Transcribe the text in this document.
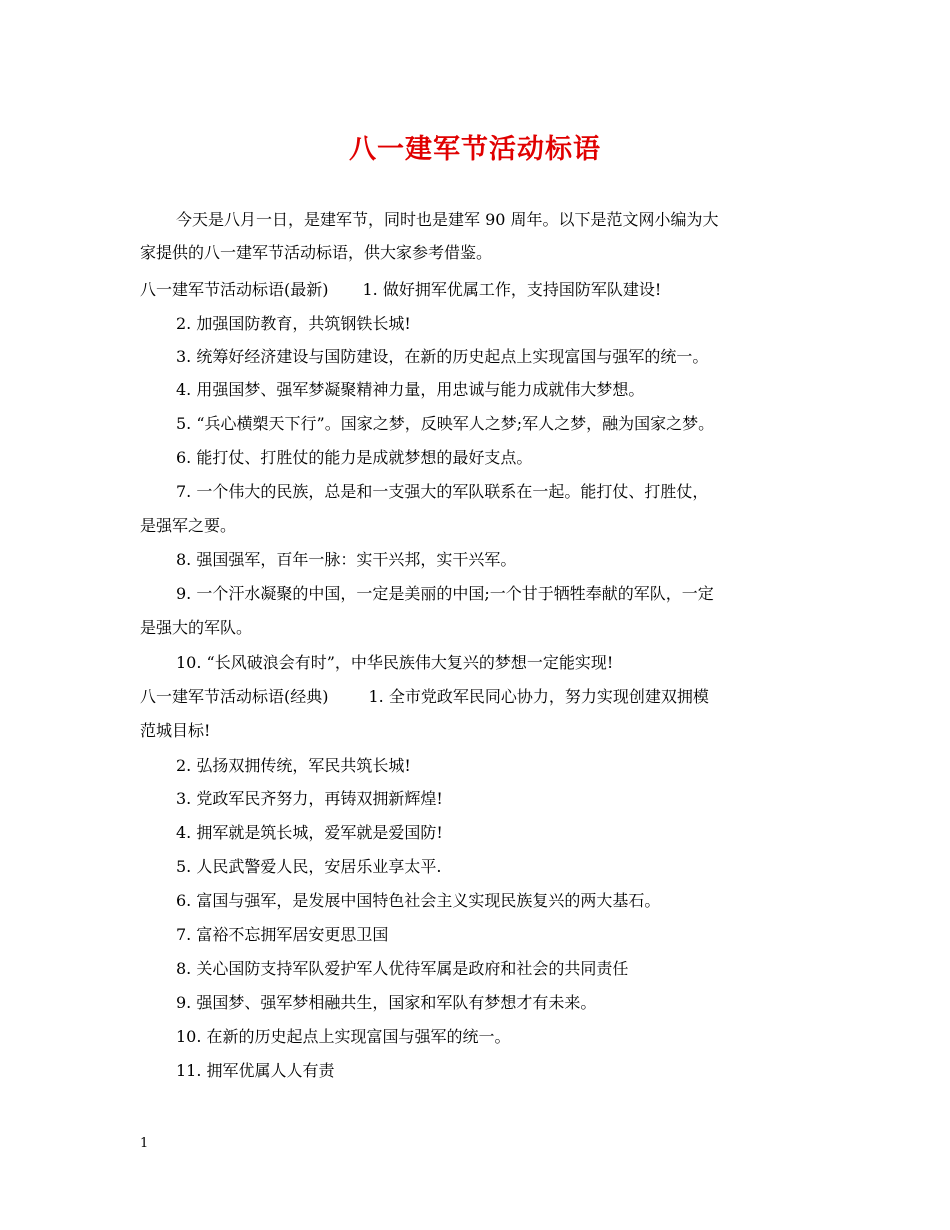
八一建军节活动标语
今天是八月一日，是建军节，同时也是建军 90 周年。以下是范文网小编为大
家提供的八一建军节活动标语，供大家参考借鉴。
八一建军节活动标语(最新) 1. 做好拥军优属工作，支持国防军队建设!
2. 加强国防教育，共筑钢铁长城!
3. 统筹好经济建设与国防建设，在新的历史起点上实现富国与强军的统一。
4. 用强国梦、强军梦凝聚精神力量，用忠诚与能力成就伟大梦想。
5. “兵心横槊天下行”。国家之梦，反映军人之梦;军人之梦，融为国家之梦。
6. 能打仗、打胜仗的能力是成就梦想的最好支点。
7. 一个伟大的民族，总是和一支强大的军队联系在一起。能打仗、打胜仗，
是强军之要。
8. 强国强军，百年一脉：实干兴邦，实干兴军。
9. 一个汗水凝聚的中国，一定是美丽的中国;一个甘于牺牲奉献的军队，一定
是强大的军队。
10. “长风破浪会有时”，中华民族伟大复兴的梦想一定能实现!
八一建军节活动标语(经典)	1. 全市党政军民同心协力，努力实现创建双拥模
范城目标!
2. 弘扬双拥传统，军民共筑长城!
3. 党政军民齐努力，再铸双拥新辉煌!
4. 拥军就是筑长城，爱军就是爱国防!
5. 人民武警爱人民，安居乐业享太平.
6. 富国与强军，是发展中国特色社会主义实现民族复兴的两大基石。
7. 富裕不忘拥军居安更思卫国
8. 关心国防支持军队爱护军人优待军属是政府和社会的共同责任
9. 强国梦、强军梦相融共生，国家和军队有梦想才有未来。
10. 在新的历史起点上实现富国与强军的统一。
11. 拥军优属人人有责
1
